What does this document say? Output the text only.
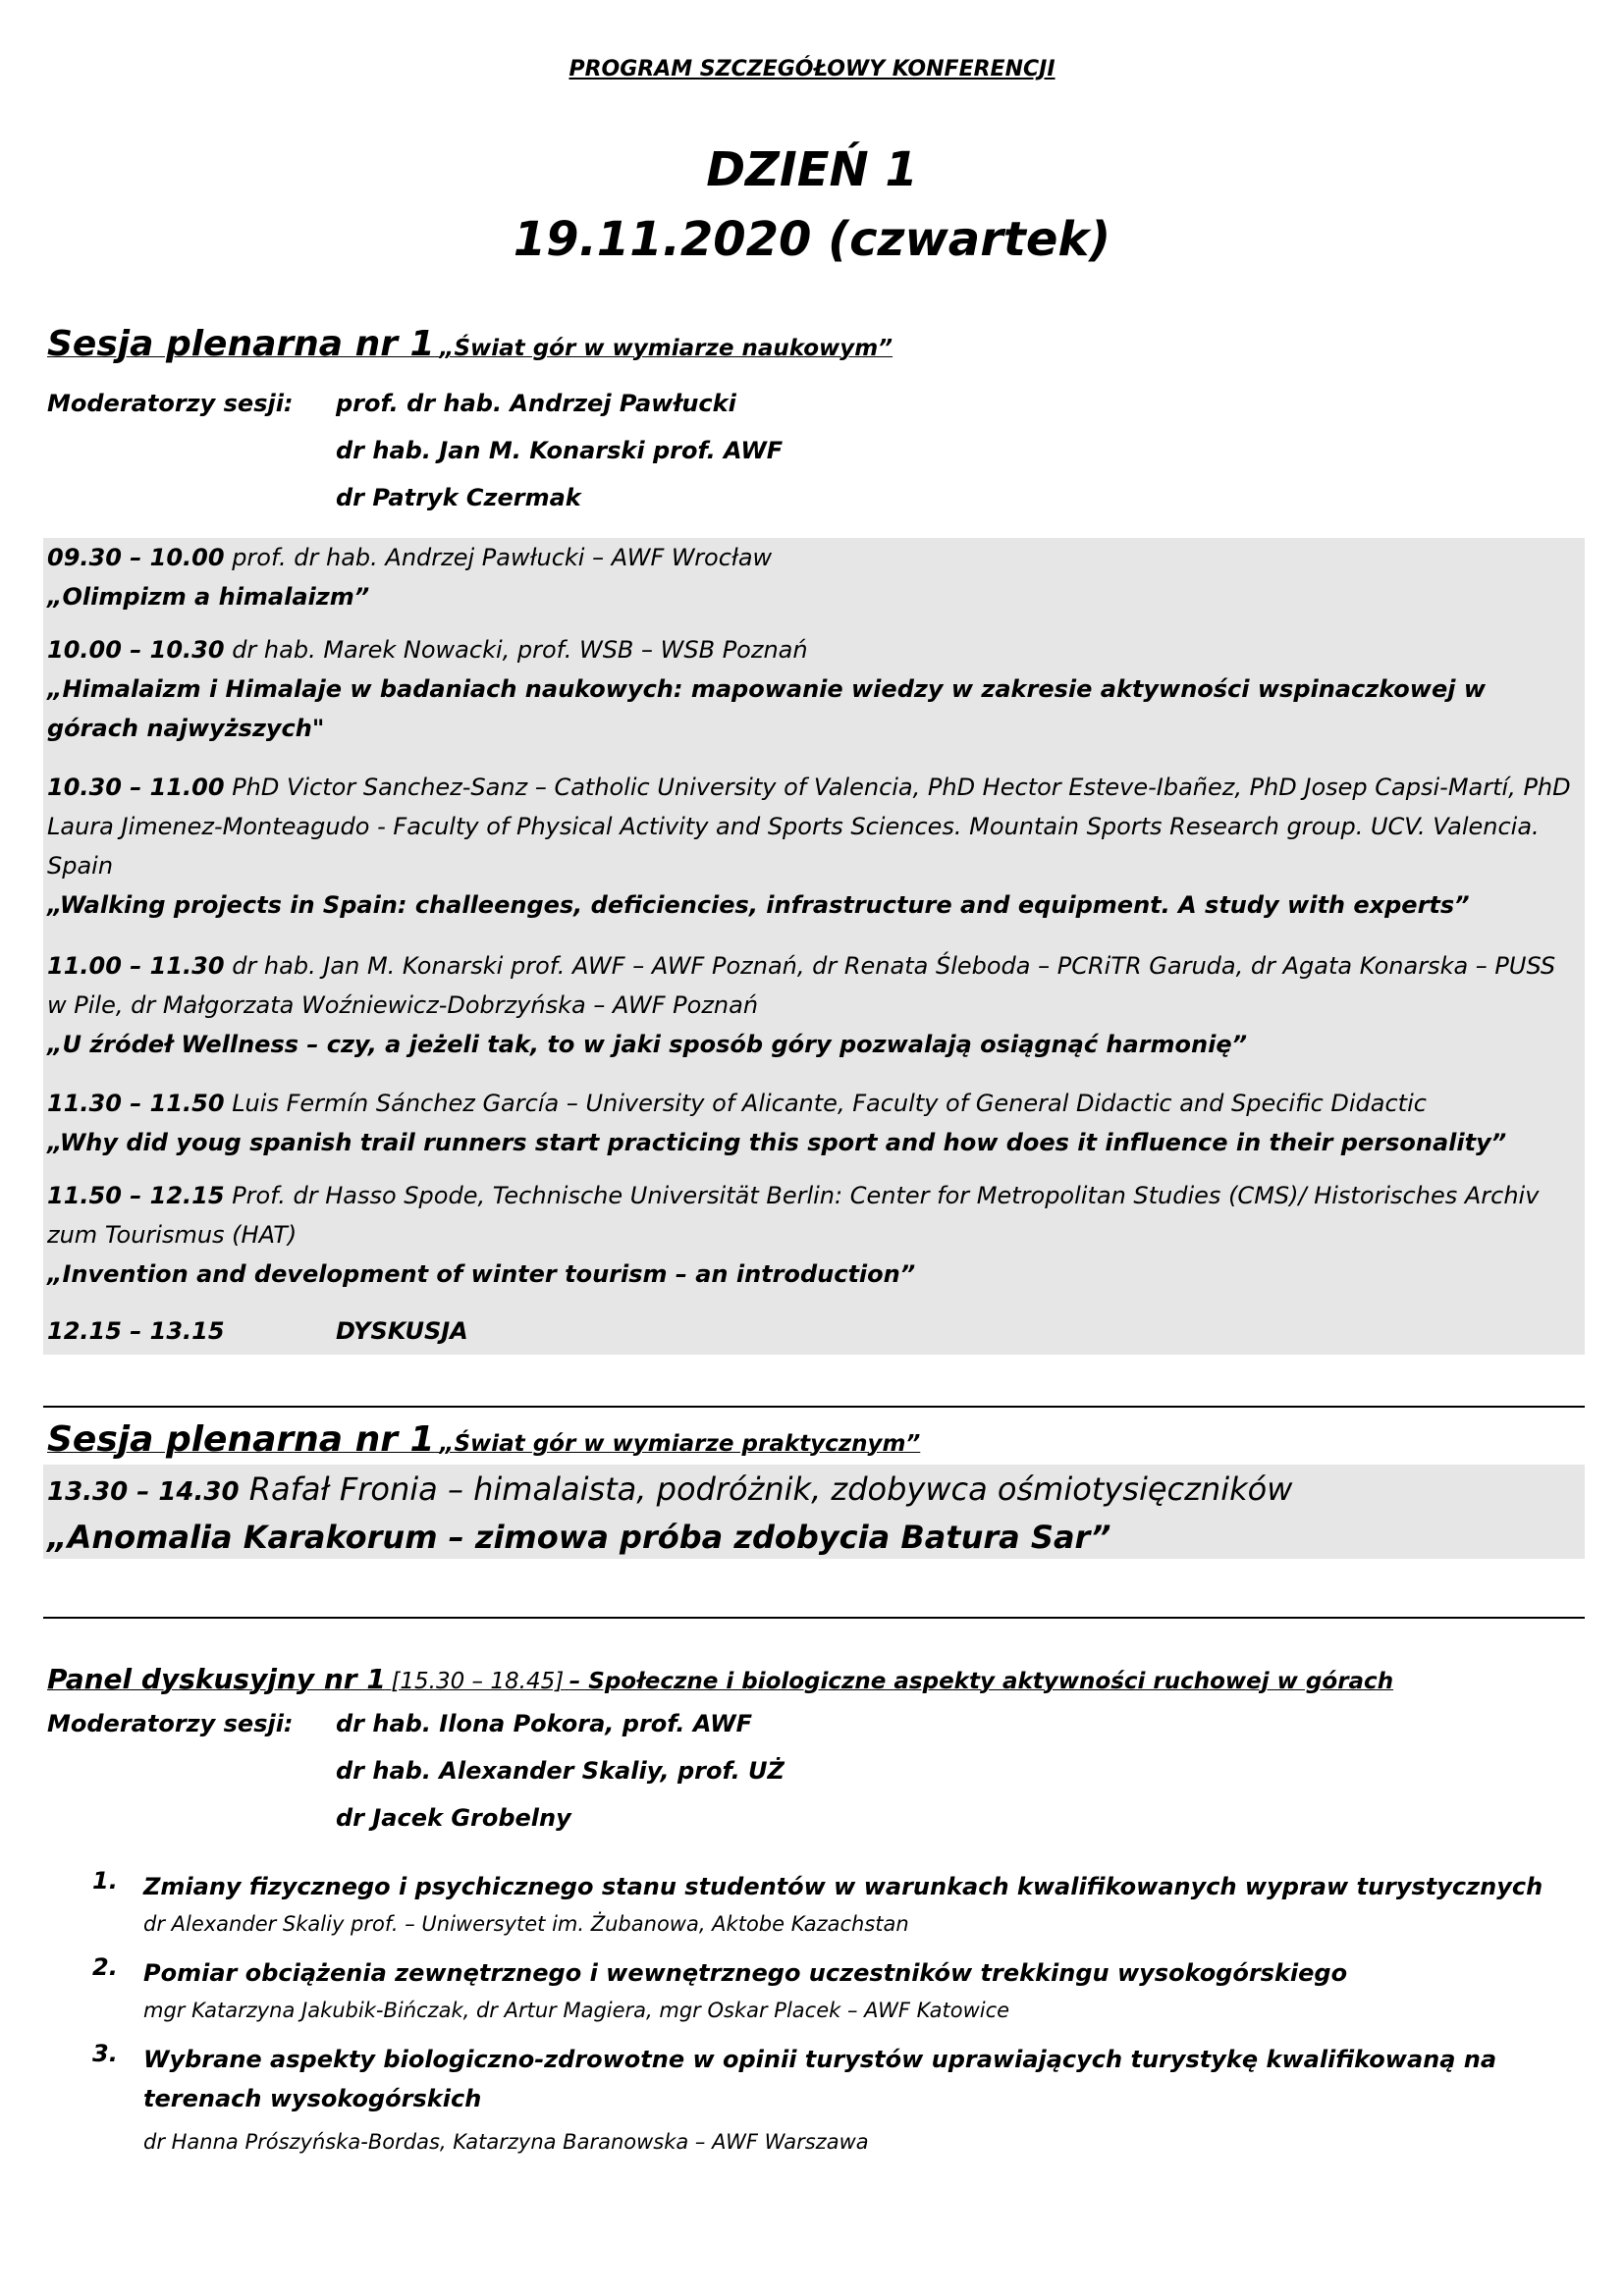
PROGRAM SZCZEGÓŁOWY KONFERENCJI
DZIEŃ 1
19.11.2020 (czwartek)
Sesja plenarna nr 1 „Świat gór w wymiarze naukowym”
Moderatorzy sesji: prof. dr hab. Andrzej Pawłucki
dr hab. Jan M. Konarski prof. AWF
dr Patryk Czermak
09.30 – 10.00 prof. dr hab. Andrzej Pawłucki – AWF Wrocław
„Olimpizm a himalaizm”
10.00 – 10.30 dr hab. Marek Nowacki, prof. WSB – WSB Poznań
„Himalaizm i Himalaje w badaniach naukowych: mapowanie wiedzy w zakresie aktywności wspinaczkowej w górach najwyższych"
10.30 – 11.00 PhD Victor Sanchez-Sanz – Catholic University of Valencia, PhD Hector Esteve-Ibañez, PhD Josep Capsi-Martí, PhD Laura Jimenez-Monteagudo - Faculty of Physical Activity and Sports Sciences. Mountain Sports Research group. UCV. Valencia. Spain
„Walking projects in Spain: challeenges, deficiencies, infrastructure and equipment. A study with experts”
11.00 – 11.30 dr hab. Jan M. Konarski prof. AWF – AWF Poznań, dr Renata Śleboda – PCRiTR Garuda, dr Agata Konarska – PUSS w Pile, dr Małgorzata Woźniewicz-Dobrzyńska – AWF Poznań
„U źródeł Wellness – czy, a jeżeli tak, to w jaki sposób góry pozwalają osiągnąć harmonię”
11.30 – 11.50 Luis Fermín Sánchez García – University of Alicante, Faculty of General Didactic and Specific Didactic
„Why did youg spanish trail runners start practicing this sport and how does it influence in their personality”
11.50 – 12.15 Prof. dr Hasso Spode, Technische Universität Berlin: Center for Metropolitan Studies (CMS)/ Historisches Archiv zum Tourismus (HAT)
„Invention and development of winter tourism – an introduction”
12.15 – 13.15	DYSKUSJA
Sesja plenarna nr 1 „Świat gór w wymiarze praktycznym”
13.30 – 14.30 Rafał Fronia – himalaista, podróżnik, zdobywca ośmiotysięczników
„Anomalia Karakorum – zimowa próba zdobycia Batura Sar”
Panel dyskusyjny nr 1 [15.30 – 18.45] – Społeczne i biologiczne aspekty aktywności ruchowej w górach
Moderatorzy sesji: dr hab. Ilona Pokora, prof. AWF
dr hab. Alexander Skaliy, prof. UŻ
dr Jacek Grobelny
1. Zmiany fizycznego i psychicznego stanu studentów w warunkach kwalifikowanych wypraw turystycznych
dr Alexander Skaliy prof. – Uniwersytet im. Żubanowa, Aktobe Kazachstan
2. Pomiar obciążenia zewnętrznego i wewnętrznego uczestników trekkingu wysokogórskiego
mgr Katarzyna Jakubik-Bińczak, dr Artur Magiera, mgr Oskar Placek – AWF Katowice
3. Wybrane aspekty biologiczno-zdrowotne w opinii turystów uprawiających turystykę kwalifikowaną na terenach wysokogórskich
dr Hanna Prószyńska-Bordas, Katarzyna Baranowska – AWF Warszawa
